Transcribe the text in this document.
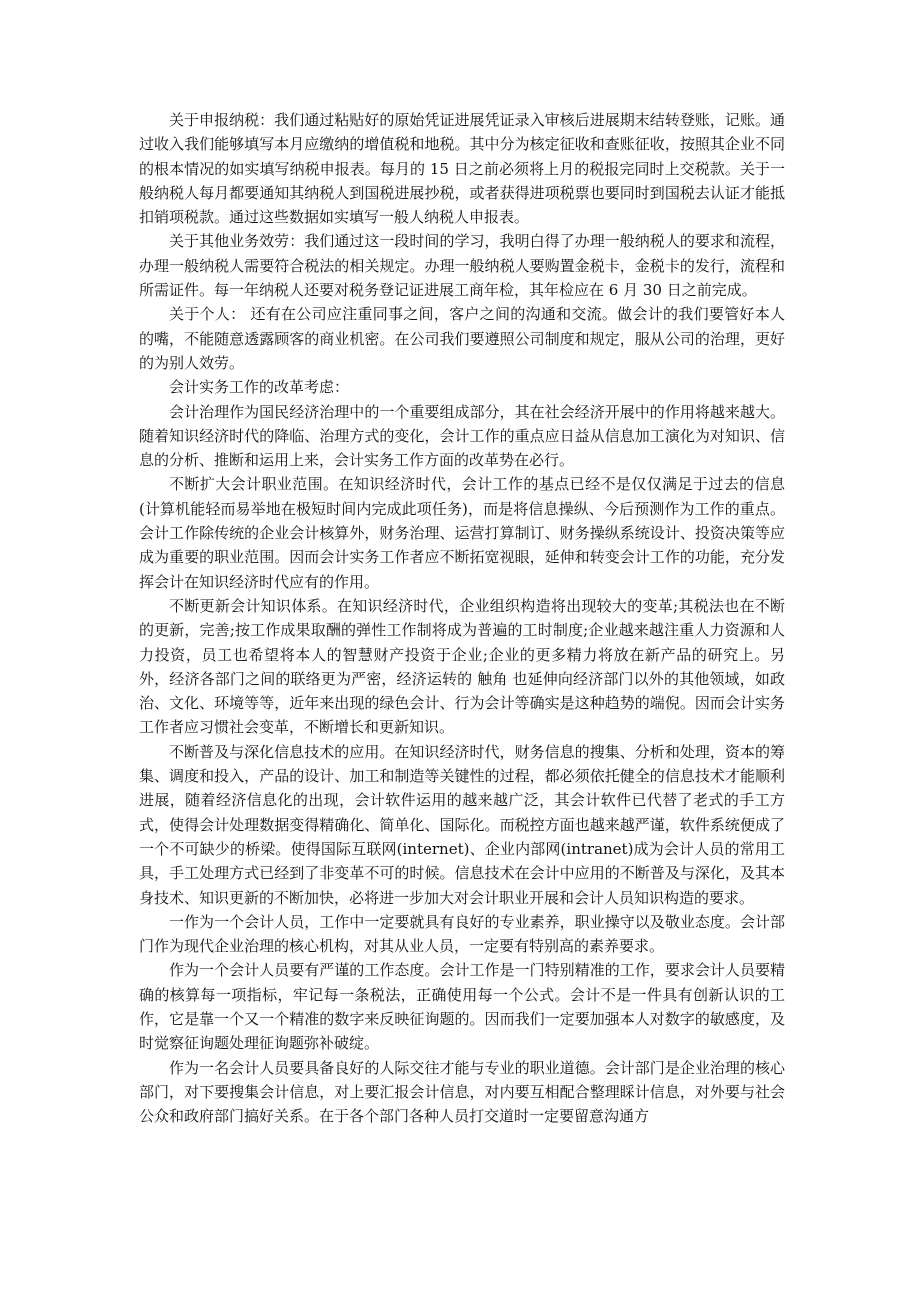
关于申报纳税：我们通过粘贴好的原始凭证进展凭证录入审核后进展期末结转登账，记账。通过收入我们能够填写本月应缴纳的增值税和地税。其中分为核定征收和查账征收，按照其企业不同的根本情况的如实填写纳税申报表。每月的 15 日之前必须将上月的税报完同时上交税款。关于一般纳税人每月都要通知其纳税人到国税进展抄税，或者获得进项税票也要同时到国税去认证才能抵扣销项税款。通过这些数据如实填写一般人纳税人申报表。

关于其他业务效劳：我们通过这一段时间的学习，我明白得了办理一般纳税人的要求和流程，办理一般纳税人需要符合税法的相关规定。办理一般纳税人要购置金税卡，金税卡的发行，流程和所需证件。每一年纳税人还要对税务登记证进展工商年检，其年检应在 6 月 30 日之前完成。

关于个人： 还有在公司应注重同事之间，客户之间的沟通和交流。做会计的我们要管好本人的嘴，不能随意透露顾客的商业机密。在公司我们要遵照公司制度和规定，服从公司的治理，更好的为别人效劳。

会计实务工作的改革考虑：

会计治理作为国民经济治理中的一个重要组成部分，其在社会经济开展中的作用将越来越大。随着知识经济时代的降临、治理方式的变化，会计工作的重点应日益从信息加工演化为对知识、信息的分析、推断和运用上来，会计实务工作方面的改革势在必行。

不断扩大会计职业范围。在知识经济时代，会计工作的基点已经不是仅仅满足于过去的信息(计算机能轻而易举地在极短时间内完成此项任务)，而是将信息操纵、今后预测作为工作的重点。会计工作除传统的企业会计核算外，财务治理、运营打算制订、财务操纵系统设计、投资决策等应成为重要的职业范围。因而会计实务工作者应不断拓宽视眼，延伸和转变会计工作的功能，充分发挥会计在知识经济时代应有的作用。

不断更新会计知识体系。在知识经济时代，企业组织构造将出现较大的变革;其税法也在不断的更新，完善;按工作成果取酬的弹性工作制将成为普遍的工时制度;企业越来越注重人力资源和人力投资，员工也希望将本人的智慧财产投资于企业;企业的更多精力将放在新产品的研究上。另外，经济各部门之间的联络更为严密，经济运转的 触角 也延伸向经济部门以外的其他领域，如政治、文化、环境等等，近年来出现的绿色会计、行为会计等确实是这种趋势的端倪。因而会计实务工作者应习惯社会变革，不断增长和更新知识。

不断普及与深化信息技术的应用。在知识经济时代，财务信息的搜集、分析和处理，资本的筹集、调度和投入，产品的设计、加工和制造等关键性的过程，都必须依托健全的信息技术才能顺利进展，随着经济信息化的出现，会计软件运用的越来越广泛，其会计软件已代替了老式的手工方式，使得会计处理数据变得精确化、简单化、国际化。而税控方面也越来越严谨，软件系统便成了一个不可缺少的桥梁。使得国际互联网(internet)、企业内部网(intranet)成为会计人员的常用工具，手工处理方式已经到了非变革不可的时候。信息技术在会计中应用的不断普及与深化，及其本身技术、知识更新的不断加快，必将进一步加大对会计职业开展和会计人员知识构造的要求。

一作为一个会计人员，工作中一定要就具有良好的专业素养，职业操守以及敬业态度。会计部门作为现代企业治理的核心机构，对其从业人员，一定要有特别高的素养要求。

作为一个会计人员要有严谨的工作态度。会计工作是一门特别精准的工作，要求会计人员要精确的核算每一项指标，牢记每一条税法，正确使用每一个公式。会计不是一件具有创新认识的工作，它是靠一个又一个精准的数字来反映征询题的。因而我们一定要加强本人对数字的敏感度，及时觉察征询题处理征询题弥补破绽。

作为一名会计人员要具备良好的人际交往才能与专业的职业道德。会计部门是企业治理的核心部门，对下要搜集会计信息，对上要汇报会计信息，对内要互相配合整理睬计信息，对外要与社会公众和政府部门搞好关系。在于各个部门各种人员打交道时一定要留意沟通方
